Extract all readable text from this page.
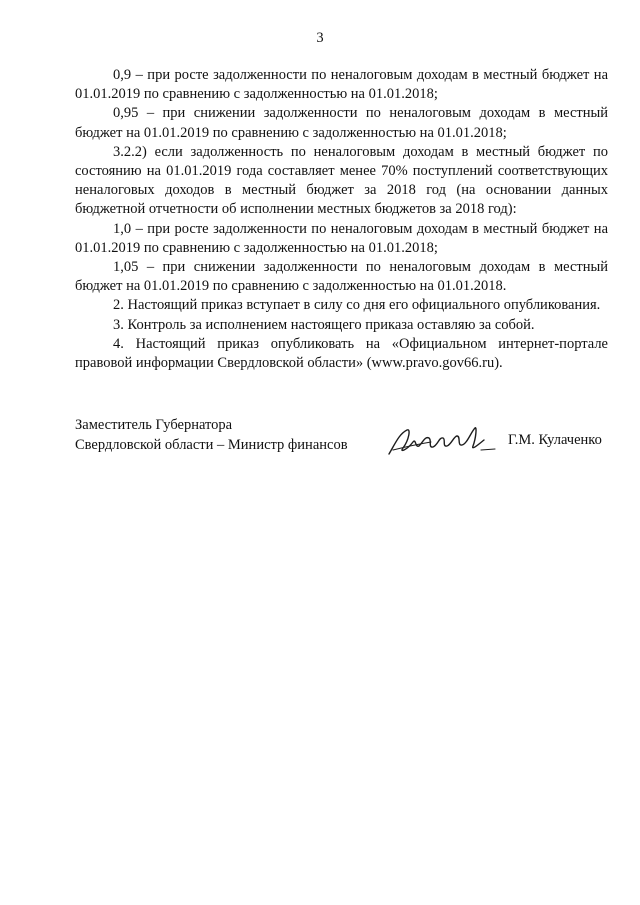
3

0,9 – при росте задолженности по неналоговым доходам в местный бюджет на 01.01.2019 по сравнению с задолженностью на 01.01.2018;

0,95 – при снижении задолженности по неналоговым доходам в местный бюджет на 01.01.2019 по сравнению с задолженностью на 01.01.2018;

3.2.2) если задолженность по неналоговым доходам в местный бюджет по состоянию на 01.01.2019 года составляет менее 70% поступлений соответствующих неналоговых доходов в местный бюджет за 2018 год (на основании данных бюджетной отчетности об исполнении местных бюджетов за 2018 год):

1,0 – при росте задолженности по неналоговым доходам в местный бюджет на 01.01.2019 по сравнению с задолженностью на 01.01.2018;

1,05 – при снижении задолженности по неналоговым доходам в местный бюджет на 01.01.2019 по сравнению с задолженностью на 01.01.2018.

2. Настоящий приказ вступает в силу со дня его официального опубликования.

3. Контроль за исполнением настоящего приказа оставляю за собой.

4. Настоящий приказ опубликовать на «Официальном интернет-портале правовой информации Свердловской области» (www.pravo.gov66.ru).

Заместитель Губернатора
Свердловской области – Министр финансов	Г.М. Кулаченко
